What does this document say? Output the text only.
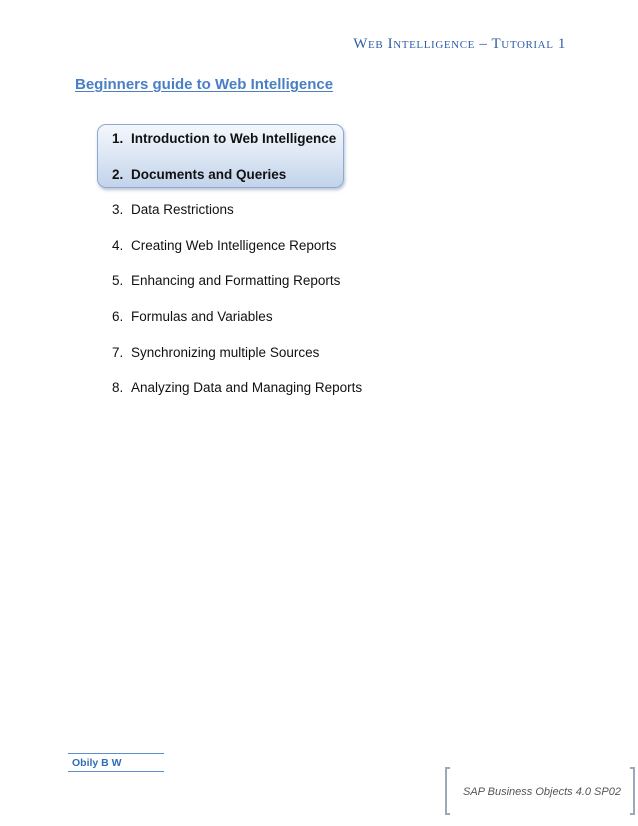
Web Intelligence – Tutorial 1
Beginners guide to Web Intelligence
1. Introduction to Web Intelligence
2. Documents and Queries
3. Data Restrictions
4. Creating Web Intelligence Reports
5. Enhancing and Formatting Reports
6. Formulas and Variables
7. Synchronizing multiple Sources
8. Analyzing Data and Managing Reports
Obily B W
SAP Business Objects 4.0 SP02
